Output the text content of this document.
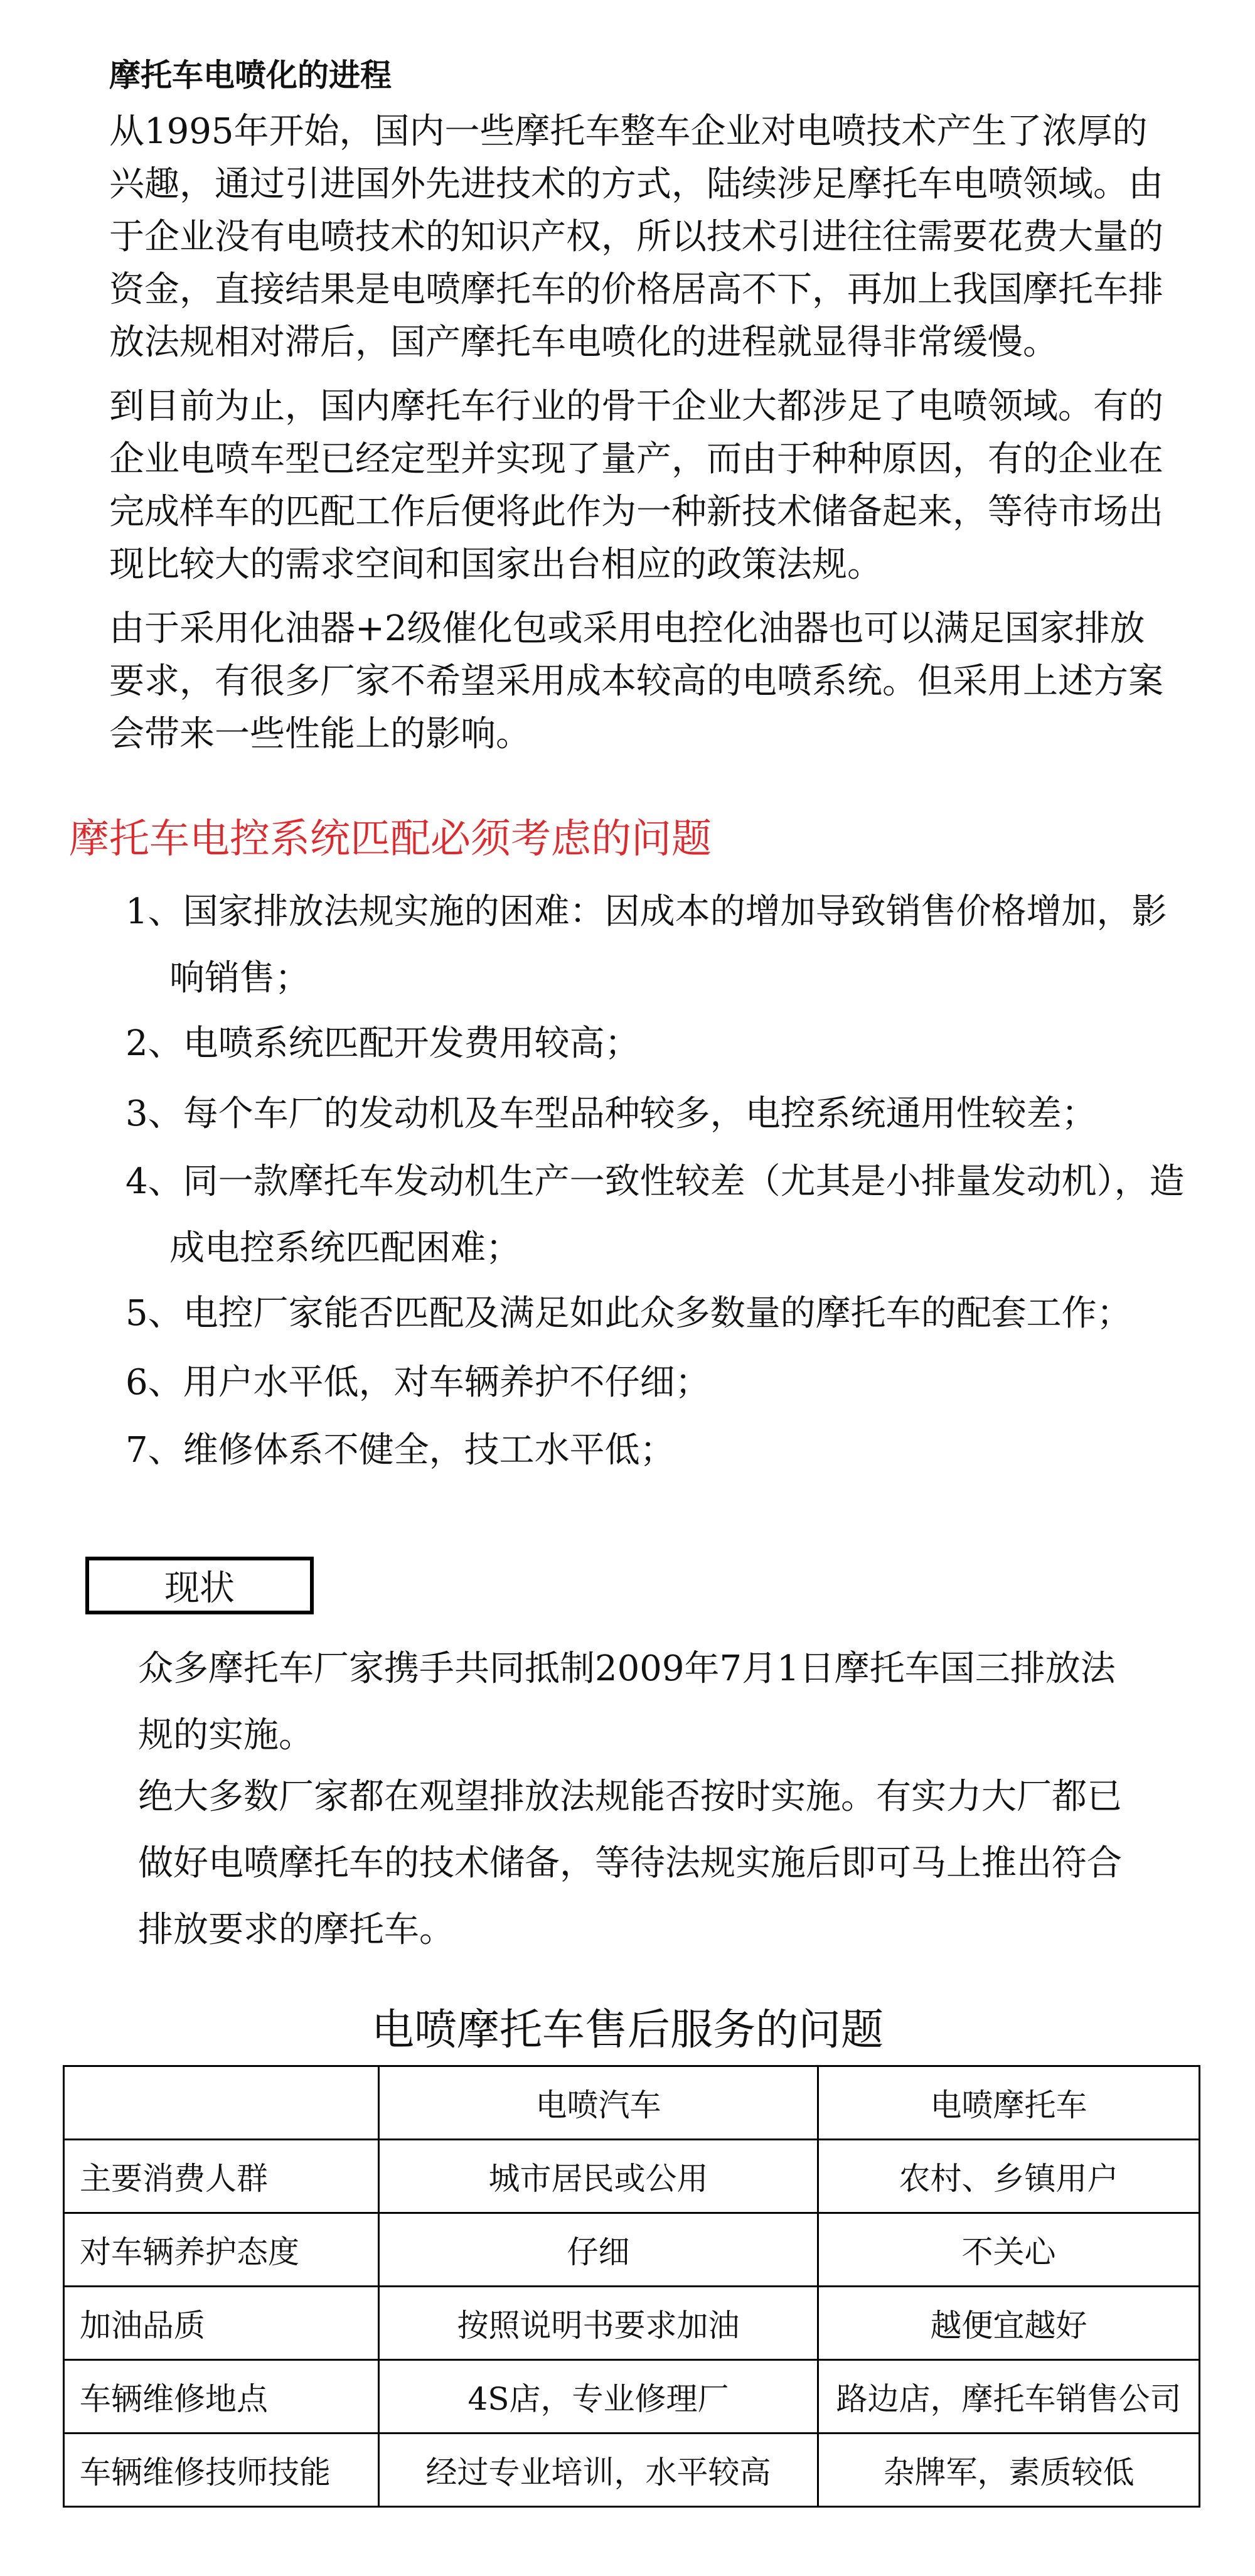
摩托车电喷化的进程

从1995年开始，国内一些摩托车整车企业对电喷技术产生了浓厚的兴趣，通过引进国外先进技术的方式，陆续涉足摩托车电喷领域。由于企业没有电喷技术的知识产权，所以技术引进往往需要花费大量的资金，直接结果是电喷摩托车的价格居高不下，再加上我国摩托车排放法规相对滞后，国产摩托车电喷化的进程就显得非常缓慢。

到目前为止，国内摩托车行业的骨干企业大都涉足了电喷领域。有的企业电喷车型已经定型并实现了量产，而由于种种原因，有的企业在完成样车的匹配工作后便将此作为一种新技术储备起来，等待市场出现比较大的需求空间和国家出台相应的政策法规。

由于采用化油器+2级催化包或采用电控化油器也可以满足国家排放要求，有很多厂家不希望采用成本较高的电喷系统。但采用上述方案会带来一些性能上的影响。

摩托车电控系统匹配必须考虑的问题
1、国家排放法规实施的困难：因成本的增加导致销售价格增加，影响销售；
2、电喷系统匹配开发费用较高；
3、每个车厂的发动机及车型品种较多，电控系统通用性较差；
4、同一款摩托车发动机生产一致性较差（尤其是小排量发动机），造成电控系统匹配困难；
5、电控厂家能否匹配及满足如此众多数量的摩托车的配套工作；
6、用户水平低，对车辆养护不仔细；
7、维修体系不健全，技工水平低；
现状

众多摩托车厂家携手共同抵制2009年7月1日摩托车国三排放法规的实施。

绝大多数厂家都在观望排放法规能否按时实施。有实力大厂都已做好电喷摩托车的技术储备，等待法规实施后即可马上推出符合排放要求的摩托车。

电喷摩托车售后服务的问题
	电喷汽车	电喷摩托车
主要消费人群	城市居民或公用	农村、乡镇用户
对车辆养护态度	仔细	不关心
加油品质	按照说明书要求加油	越便宜越好
车辆维修地点	4S店，专业修理厂	路边店，摩托车销售公司
车辆维修技师技能	经过专业培训，水平较高	杂牌军，素质较低
